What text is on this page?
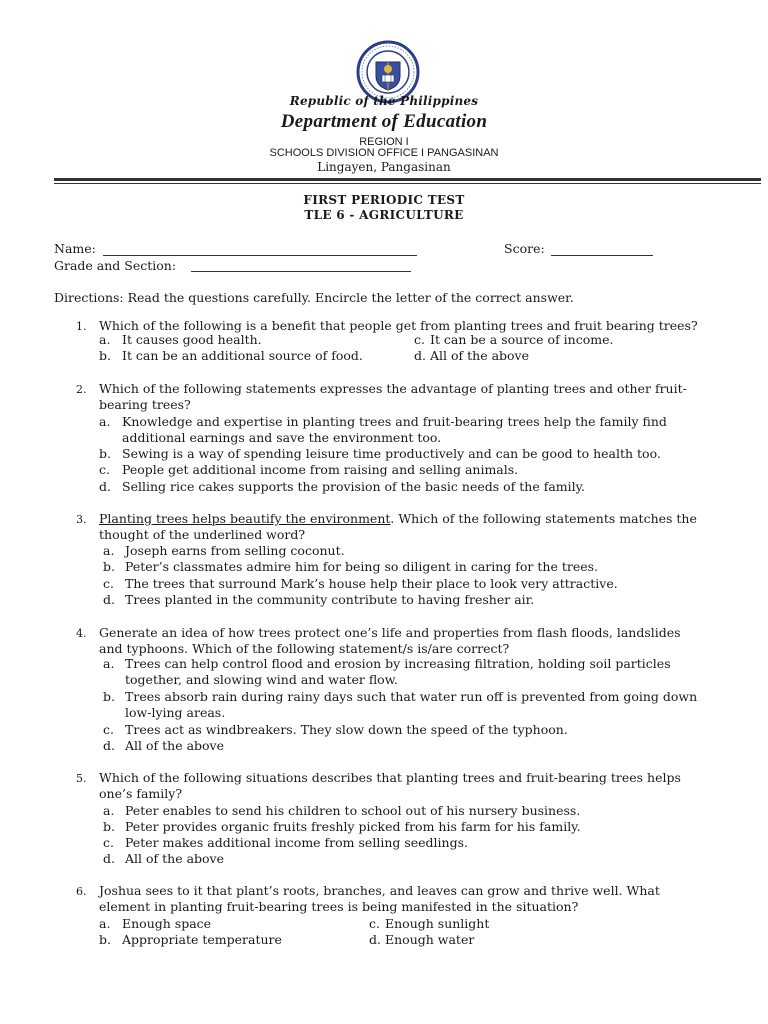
Republic of the Philippines
Department of Education
REGION I
SCHOOLS DIVISION OFFICE I PANGASINAN
Lingayen, Pangasinan
FIRST PERIODIC TEST
TLE 6 - AGRICULTURE
Name:	Score:
Grade and Section:
Directions: Read the questions carefully. Encircle the letter of the correct answer.
1.	Which of the following is a benefit that people get from planting trees and fruit bearing trees?
a. It causes good health.	c. It can be a source of income.
b. It can be an additional source of food.	d. All of the above
2.	Which of the following statements expresses the advantage of planting trees and other fruit-
bearing trees?
a. Knowledge and expertise in planting trees and fruit-bearing trees help the family find
additional earnings and save the environment too.
b. Sewing is a way of spending leisure time productively and can be good to health too.
c. People get additional income from raising and selling animals.
d. Selling rice cakes supports the provision of the basic needs of the family.
3.	Planting trees helps beautify the environment. Which of the following statements matches the
thought of the underlined word?
a. Joseph earns from selling coconut.
b. Peter’s classmates admire him for being so diligent in caring for the trees.
c. The trees that surround Mark’s house help their place to look very attractive.
d. Trees planted in the community contribute to having fresher air.
4.	Generate an idea of how trees protect one’s life and properties from flash floods, landslides
and typhoons. Which of the following statement/s is/are correct?
a. Trees can help control flood and erosion by increasing filtration, holding soil particles
together, and slowing wind and water flow.
b. Trees absorb rain during rainy days such that water run off is prevented from going down
low-lying areas.
c. Trees act as windbreakers. They slow down the speed of the typhoon.
d. All of the above
5.	Which of the following situations describes that planting trees and fruit-bearing trees helps
one’s family?
a. Peter enables to send his children to school out of his nursery business.
b. Peter provides organic fruits freshly picked from his farm for his family.
c. Peter makes additional income from selling seedlings.
d. All of the above
6.	Joshua sees to it that plant’s roots, branches, and leaves can grow and thrive well. What
element in planting fruit-bearing trees is being manifested in the situation?
a. Enough space	c. Enough sunlight
b. Appropriate temperature	d. Enough water
